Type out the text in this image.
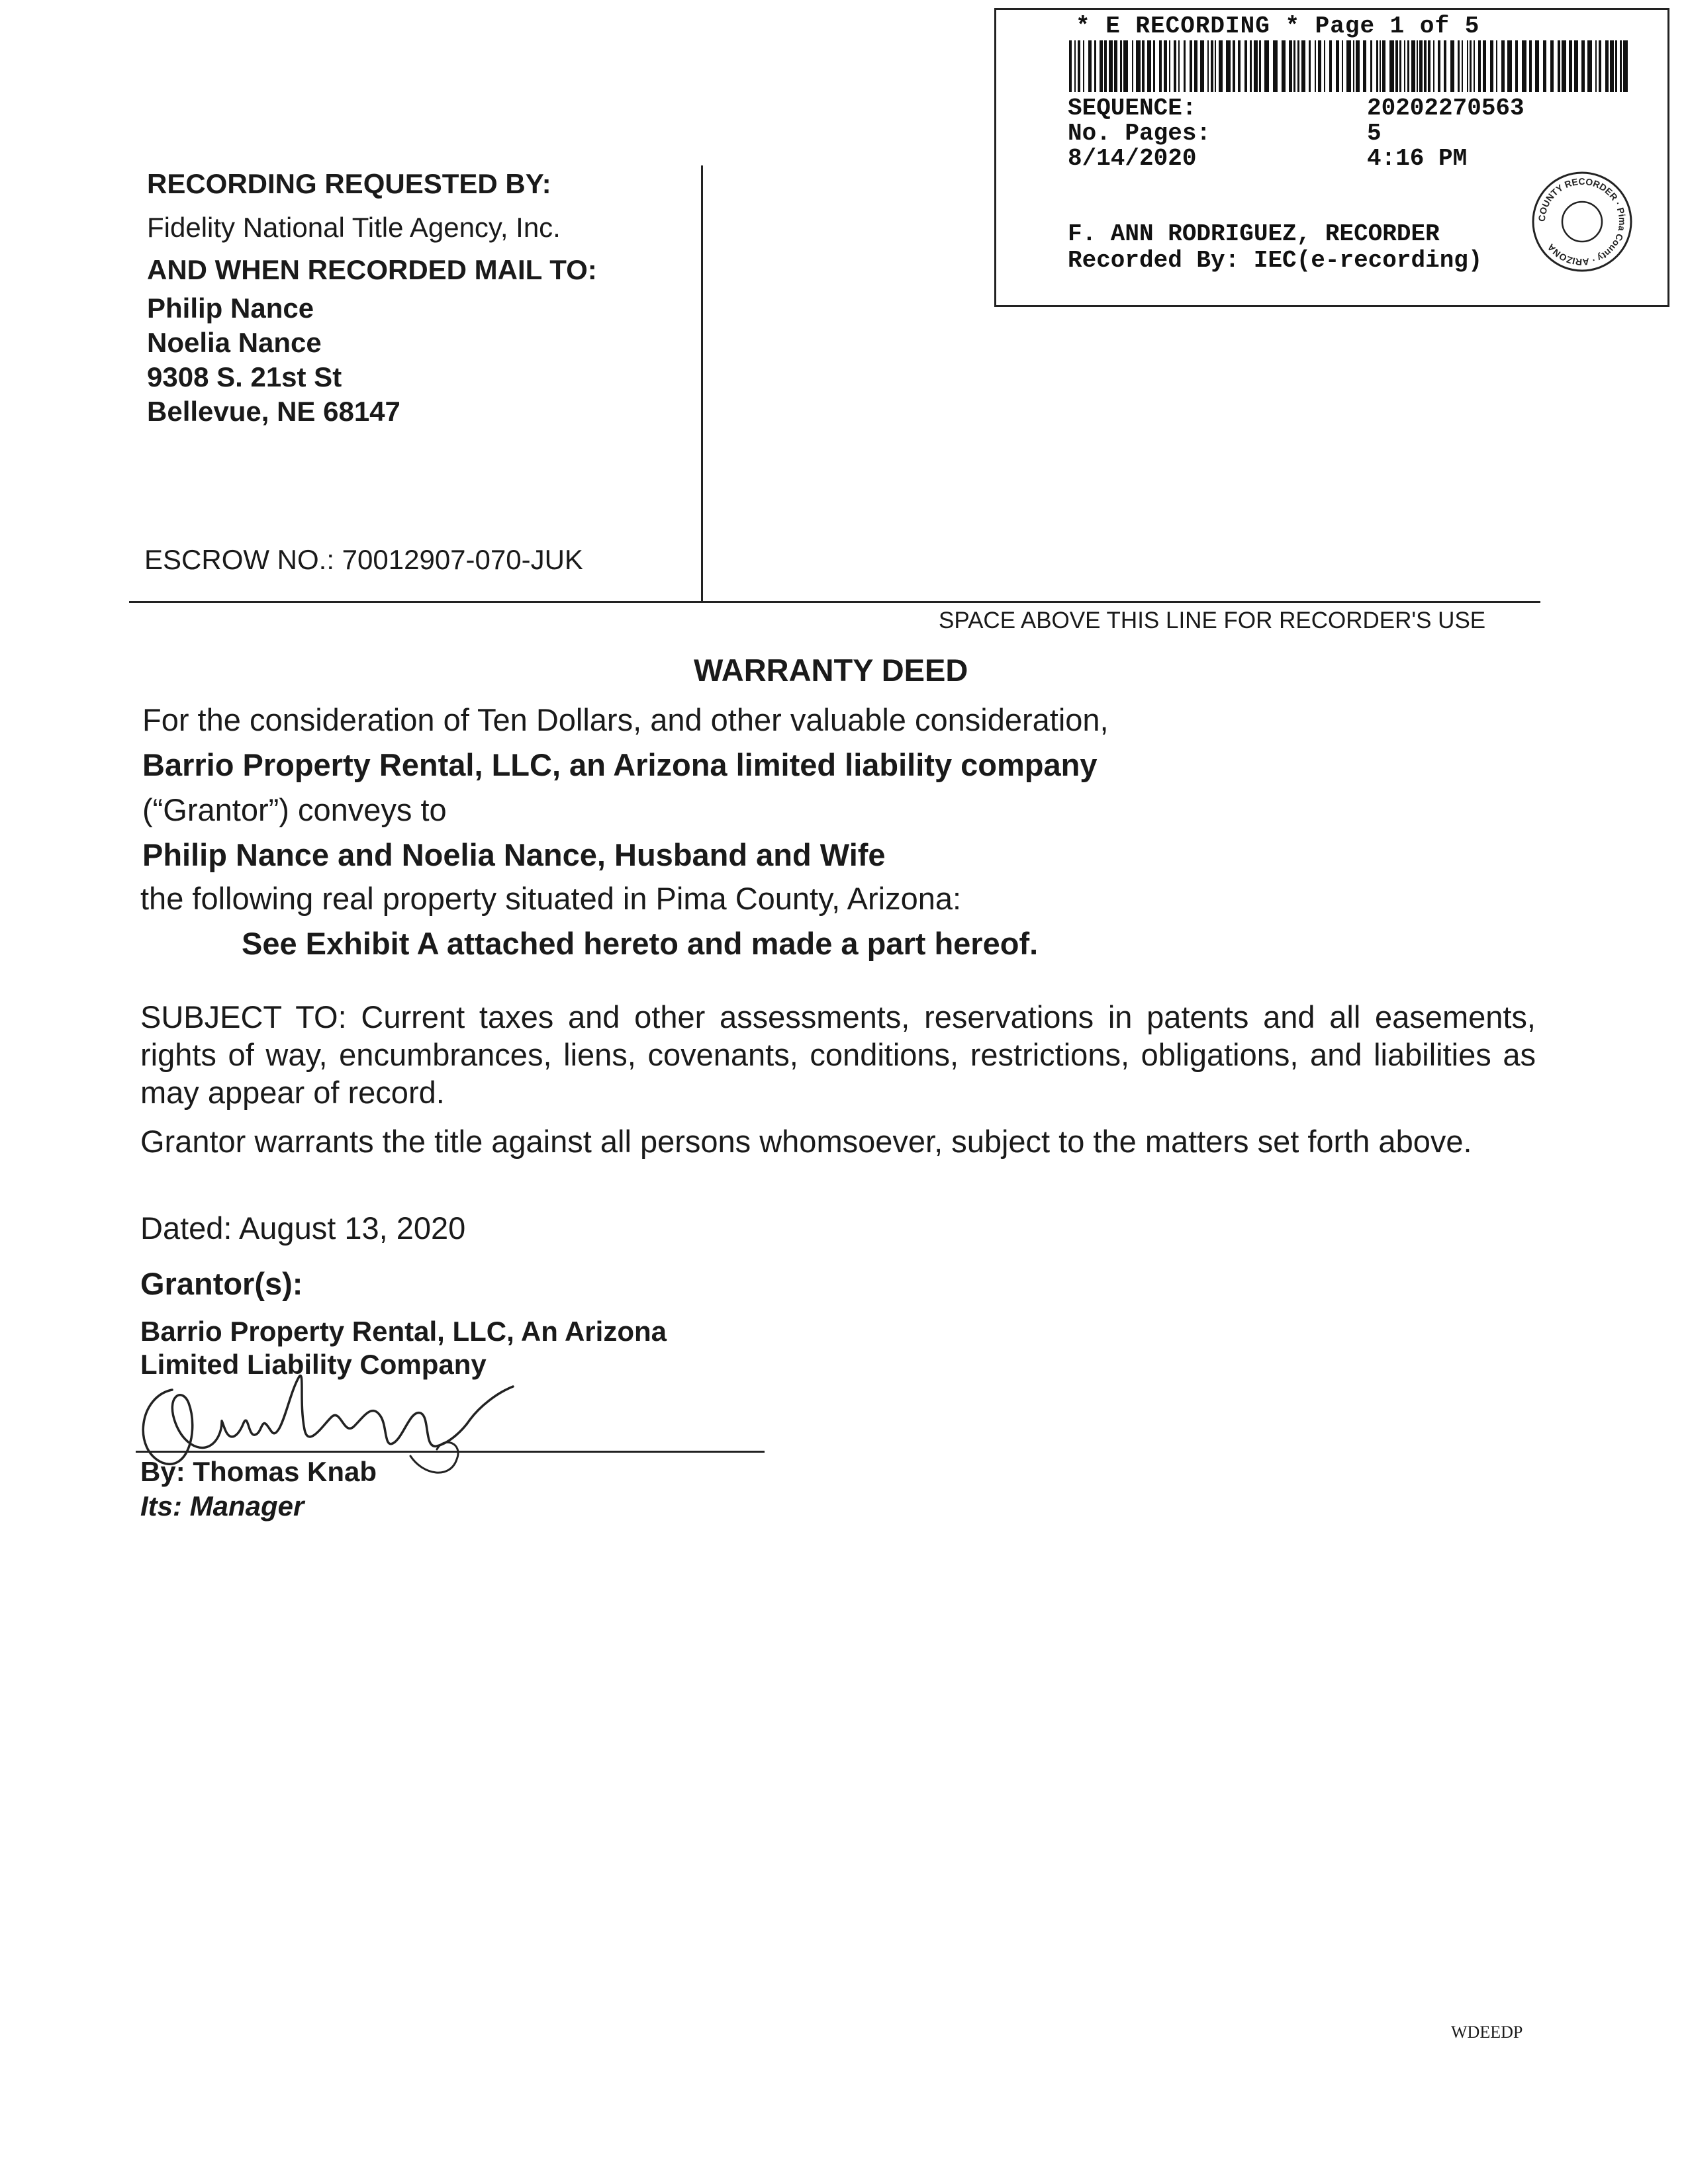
* E RECORDING * Page 1 of 5
SEQUENCE:	20202270563
No. Pages:	5
8/14/2020	4:16 PM
F. ANN RODRIGUEZ, RECORDER
Recorded By: IEC(e-recording)
COUNTY RECORDER · Pima County · ARIZONA
RECORDING REQUESTED BY:
Fidelity National Title Agency, Inc.
AND WHEN RECORDED MAIL TO:
Philip Nance
Noelia Nance
9308 S. 21st St
Bellevue, NE 68147
ESCROW NO.: 70012907-070-JUK
SPACE ABOVE THIS LINE FOR RECORDER'S USE
WARRANTY DEED
For the consideration of Ten Dollars, and other valuable consideration,
Barrio Property Rental, LLC, an Arizona limited liability company
(“Grantor”) conveys to
Philip Nance and Noelia Nance, Husband and Wife
the following real property situated in Pima County, Arizona:
See Exhibit A attached hereto and made a part hereof.
SUBJECT TO: Current taxes and other assessments, reservations in patents and all easements, rights of way, encumbrances, liens, covenants, conditions, restrictions, obligations, and liabilities as may appear of record.
Grantor warrants the title against all persons whomsoever, subject to the matters set forth above.
Dated: August 13, 2020
Grantor(s):
Barrio Property Rental, LLC, An Arizona
Limited Liability Company
By: Thomas Knab
Its: Manager
WDEEDP
